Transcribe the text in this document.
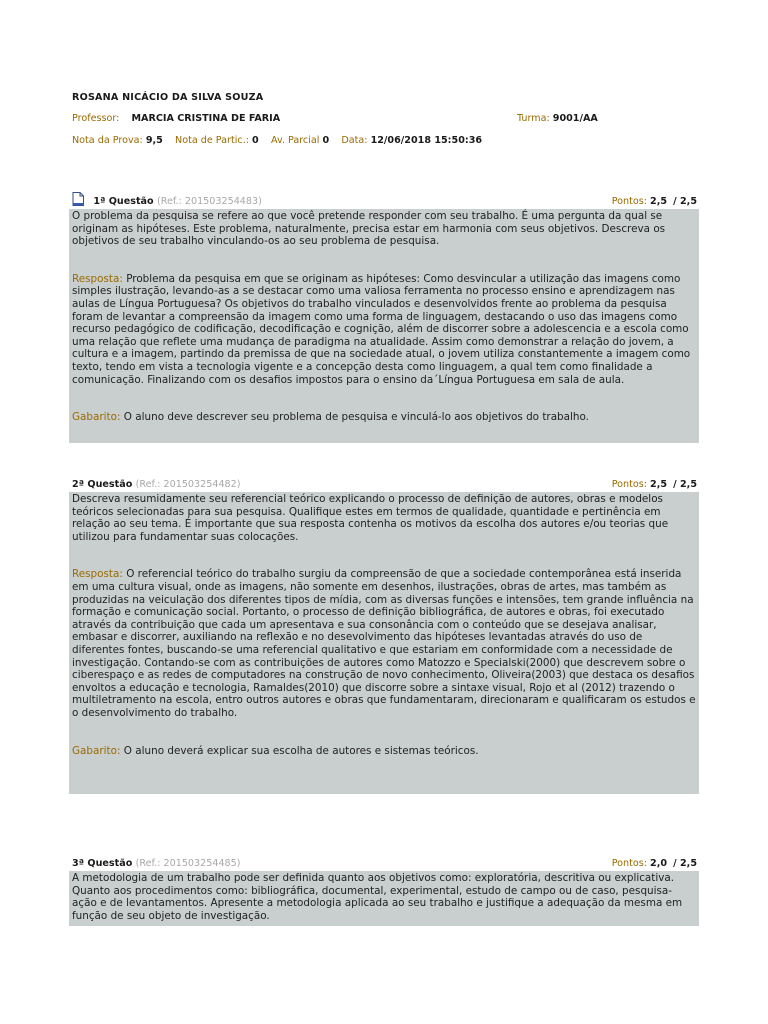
ROSANA NICÁCIO DA SILVA SOUZA
Professor: MARCIA CRISTINA DE FARIA	Turma: 9001/AA
Nota da Prova: 9,5 Nota de Partic.: 0 Av. Parcial 0 Data: 12/06/2018 15:50:36
1ª Questão (Ref.: 201503254483)	Pontos: 2,5 / 2,5

O problema da pesquisa se refere ao que você pretende responder com seu trabalho. É uma pergunta da qual se originam as hipóteses. Este problema, naturalmente, precisa estar em harmonia com seus objetivos. Descreva os objetivos de seu trabalho vinculando-os ao seu problema de pesquisa.

Resposta: Problema da pesquisa em que se originam as hipóteses: Como desvincular a utilização das imagens como simples ilustração, levando-as a se destacar como uma valiosa ferramenta no processo ensino e aprendizagem nas aulas de Língua Portuguesa? Os objetivos do trabalho vinculados e desenvolvidos frente ao problema da pesquisa foram de levantar a compreensão da imagem como uma forma de linguagem, destacando o uso das imagens como recurso pedagógico de codificação, decodificação e cognição, além de discorrer sobre a adolescencia e a escola como uma relação que reflete uma mudança de paradigma na atualidade. Assim como demonstrar a relação do jovem, a cultura e a imagem, partindo da premissa de que na sociedade atual, o jovem utiliza constantemente a imagem como texto, tendo em vista a tecnologia vigente e a concepção desta como linguagem, a qual tem como finalidade a comunicação. Finalizando com os desafios impostos para o ensino da´Língua Portuguesa em sala de aula.

Gabarito: O aluno deve descrever seu problema de pesquisa e vinculá-lo aos objetivos do trabalho.

2ª Questão (Ref.: 201503254482)	Pontos: 2,5 / 2,5

Descreva resumidamente seu referencial teórico explicando o processo de definição de autores, obras e modelos teóricos selecionadas para sua pesquisa. Qualifique estes em termos de qualidade, quantidade e pertinência em relação ao seu tema. É importante que sua resposta contenha os motivos da escolha dos autores e/ou teorias que utilizou para fundamentar suas colocações.

Resposta: O referencial teórico do trabalho surgiu da compreensão de que a sociedade contemporânea está inserida em uma cultura visual, onde as imagens, não somente em desenhos, ilustrações, obras de artes, mas também as produzidas na veiculação dos diferentes tipos de mídia, com as diversas funções e intensões, tem grande influência na formação e comunicação social. Portanto, o processo de definição bibliográfica, de autores e obras, foi executado através da contribuição que cada um apresentava e sua consonância com o conteúdo que se desejava analisar, embasar e discorrer, auxiliando na reflexão e no desevolvimento das hipóteses levantadas através do uso de diferentes fontes, buscando-se uma referencial qualitativo e que estariam em conformidade com a necessidade de investigação. Contando-se com as contribuições de autores como Matozzo e Specialski(2000) que descrevem sobre o ciberespaço e as redes de computadores na construção de novo conhecimento, Oliveira(2003) que destaca os desafios envoltos a educação e tecnologia, Ramaldes(2010) que discorre sobre a sintaxe visual, Rojo et al (2012) trazendo o multiletramento na escola, entro outros autores e obras que fundamentaram, direcionaram e qualificaram os estudos e o desenvolvimento do trabalho.

Gabarito: O aluno deverá explicar sua escolha de autores e sistemas teóricos.

3ª Questão (Ref.: 201503254485)	Pontos: 2,0 / 2,5

A metodologia de um trabalho pode ser definida quanto aos objetivos como: exploratória, descritiva ou explicativa. Quanto aos procedimentos como: bibliográfica, documental, experimental, estudo de campo ou de caso, pesquisa-ação e de levantamentos. Apresente a metodologia aplicada ao seu trabalho e justifique a adequação da mesma em função de seu objeto de investigação.
